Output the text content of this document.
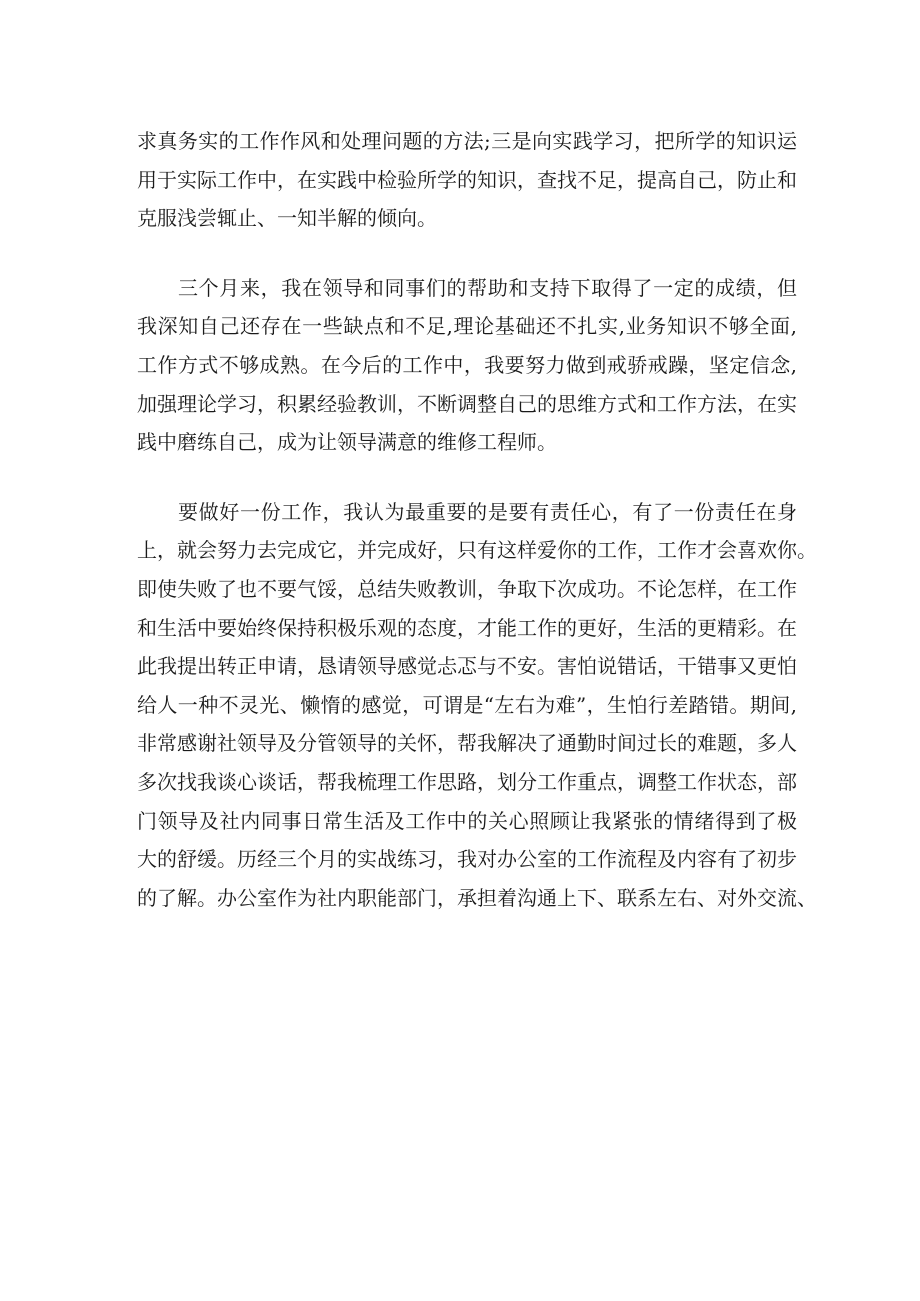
求真务实的工作作风和处理问题的方法;三是向实践学习，把所学的知识运
用于实际工作中，在实践中检验所学的知识，查找不足，提高自己，防止和
克服浅尝辄止、一知半解的倾向。
三个月来，我在领导和同事们的帮助和支持下取得了一定的成绩，但
我深知自己还存在一些缺点和不足,理论基础还不扎实,业务知识不够全面,
工作方式不够成熟。在今后的工作中，我要努力做到戒骄戒躁，坚定信念,
加强理论学习，积累经验教训，不断调整自己的思维方式和工作方法，在实
践中磨练自己，成为让领导满意的维修工程师。
要做好一份工作，我认为最重要的是要有责任心，有了一份责任在身
上，就会努力去完成它，并完成好，只有这样爱你的工作，工作才会喜欢你。
即使失败了也不要气馁，总结失败教训，争取下次成功。不论怎样，在工作
和生活中要始终保持积极乐观的态度，才能工作的更好，生活的更精彩。在
此我提出转正申请，恳请领导感觉忐忑与不安。害怕说错话，干错事又更怕
给人一种不灵光、懒惰的感觉，可谓是“左右为难”，生怕行差踏错。期间,
非常感谢社领导及分管领导的关怀，帮我解决了通勤时间过长的难题，多人
多次找我谈心谈话，帮我梳理工作思路，划分工作重点，调整工作状态，部
门领导及社内同事日常生活及工作中的关心照顾让我紧张的情绪得到了极
大的舒缓。历经三个月的实战练习，我对办公室的工作流程及内容有了初步
的了解。办公室作为社内职能部门，承担着沟通上下、联系左右、对外交流、
